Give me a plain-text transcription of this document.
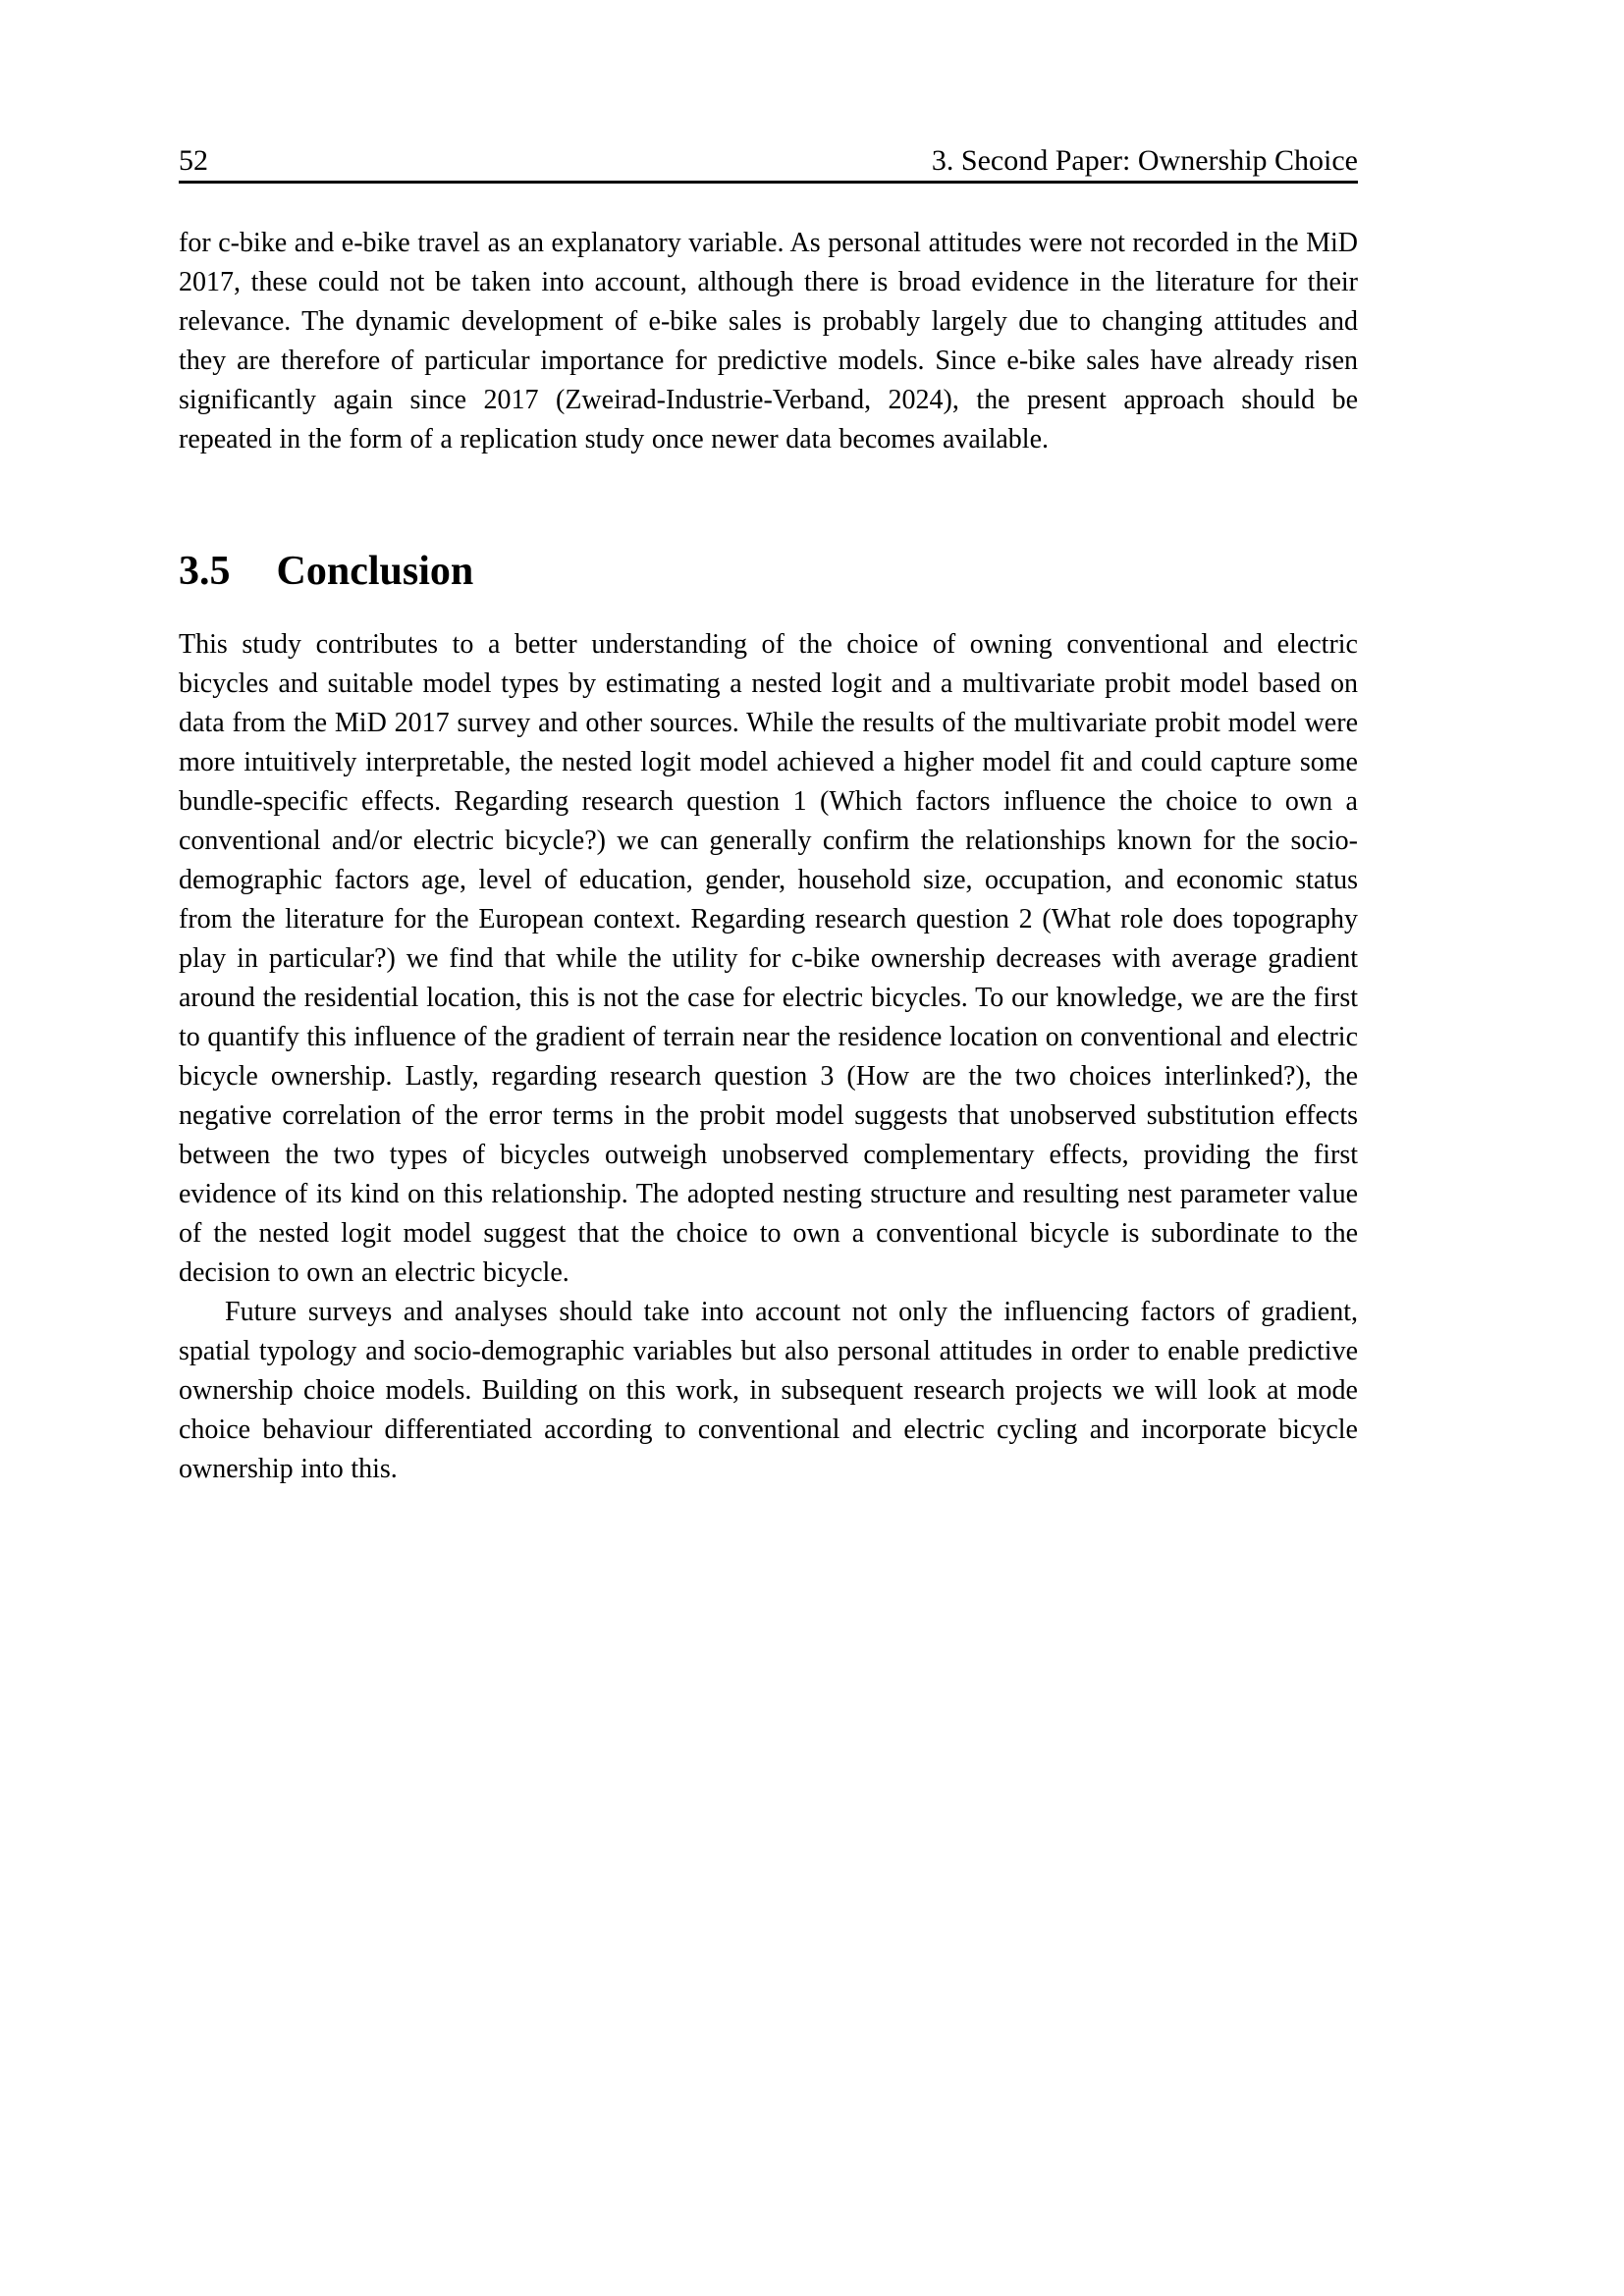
52	3. Second Paper: Ownership Choice

for c-bike and e-bike travel as an explanatory variable. As personal attitudes were not recorded in the MiD 2017, these could not be taken into account, although there is broad evidence in the literature for their relevance. The dynamic development of e-bike sales is probably largely due to changing attitudes and they are therefore of particular importance for predictive models. Since e-bike sales have already risen significantly again since 2017 (Zweirad-Industrie-Verband, 2024), the present approach should be repeated in the form of a replication study once newer data becomes available.

3.5 Conclusion

This study contributes to a better understanding of the choice of owning conventional and electric bicycles and suitable model types by estimating a nested logit and a multivariate probit model based on data from the MiD 2017 survey and other sources. While the results of the multivariate probit model were more intuitively interpretable, the nested logit model achieved a higher model fit and could capture some bundle-specific effects. Regarding research question 1 (Which factors influence the choice to own a conventional and/or electric bicycle?) we can generally confirm the relationships known for the socio-demographic factors age, level of education, gender, household size, occupation, and economic status from the literature for the European context. Regarding research question 2 (What role does topography play in particular?) we find that while the utility for c-bike ownership decreases with average gradient around the residential location, this is not the case for electric bicycles. To our knowledge, we are the first to quantify this influence of the gradient of terrain near the residence location on conventional and electric bicycle ownership. Lastly, regarding research question 3 (How are the two choices interlinked?), the negative correlation of the error terms in the probit model suggests that unobserved substitution effects between the two types of bicycles outweigh unobserved complementary effects, providing the first evidence of its kind on this relationship. The adopted nesting structure and resulting nest parameter value of the nested logit model suggest that the choice to own a conventional bicycle is subordinate to the decision to own an electric bicycle.

Future surveys and analyses should take into account not only the influencing factors of gradient, spatial typology and socio-demographic variables but also personal attitudes in order to enable predictive ownership choice models. Building on this work, in subsequent research projects we will look at mode choice behaviour differentiated according to conventional and electric cycling and incorporate bicycle ownership into this.
